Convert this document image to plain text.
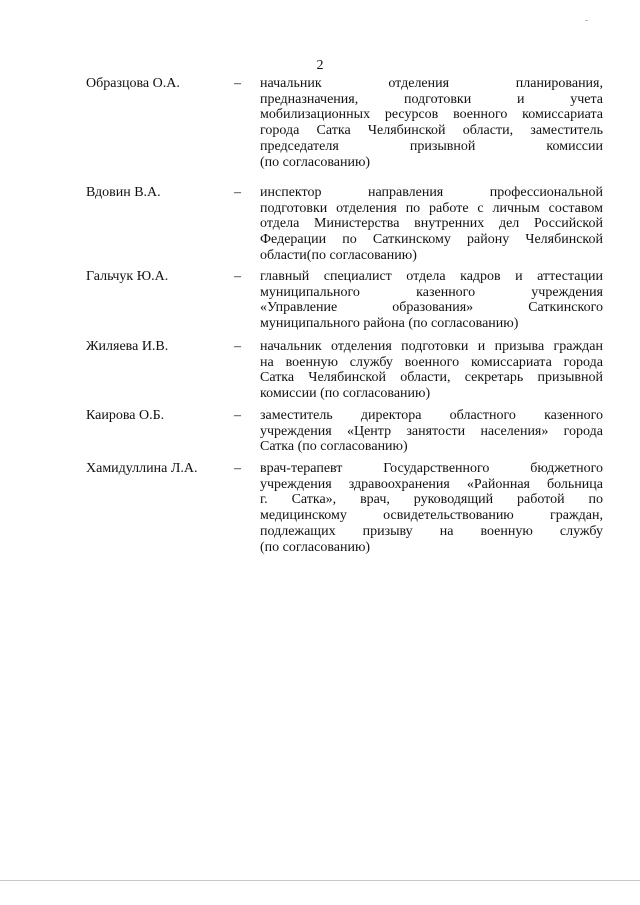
2
Образцова О.А.	– начальник отделения планирования,
предназначения, подготовки и учета
мобилизационных ресурсов военного комиссариата
города Сатка Челябинской области, заместитель
председателя призывной комиссии
(по согласованию)
Вдовин В.А.	– инспектор направления профессиональной
подготовки отделения по работе с личным составом
отдела Министерства внутренних дел Российской
Федерации по Саткинскому району Челябинской
области(по согласованию)
Гальчук Ю.А.	– главный специалист отдела кадров и аттестации
муниципального казенного учреждения
«Управление образования» Саткинского
муниципального района (по согласованию)
Жиляева И.В.	– начальник отделения подготовки и призыва граждан
на военную службу военного комиссариата города
Сатка Челябинской области, секретарь призывной
комиссии (по согласованию)
Каирова О.Б.	– заместитель директора областного казенного
учреждения «Центр занятости населения» города
Сатка (по согласованию)
Хамидуллина Л.А.	– врач-терапевт Государственного бюджетного
учреждения здравоохранения «Районная больница
г. Сатка», врач, руководящий работой по
медицинскому освидетельствованию граждан,
подлежащих призыву на военную службу
(по согласованию)
